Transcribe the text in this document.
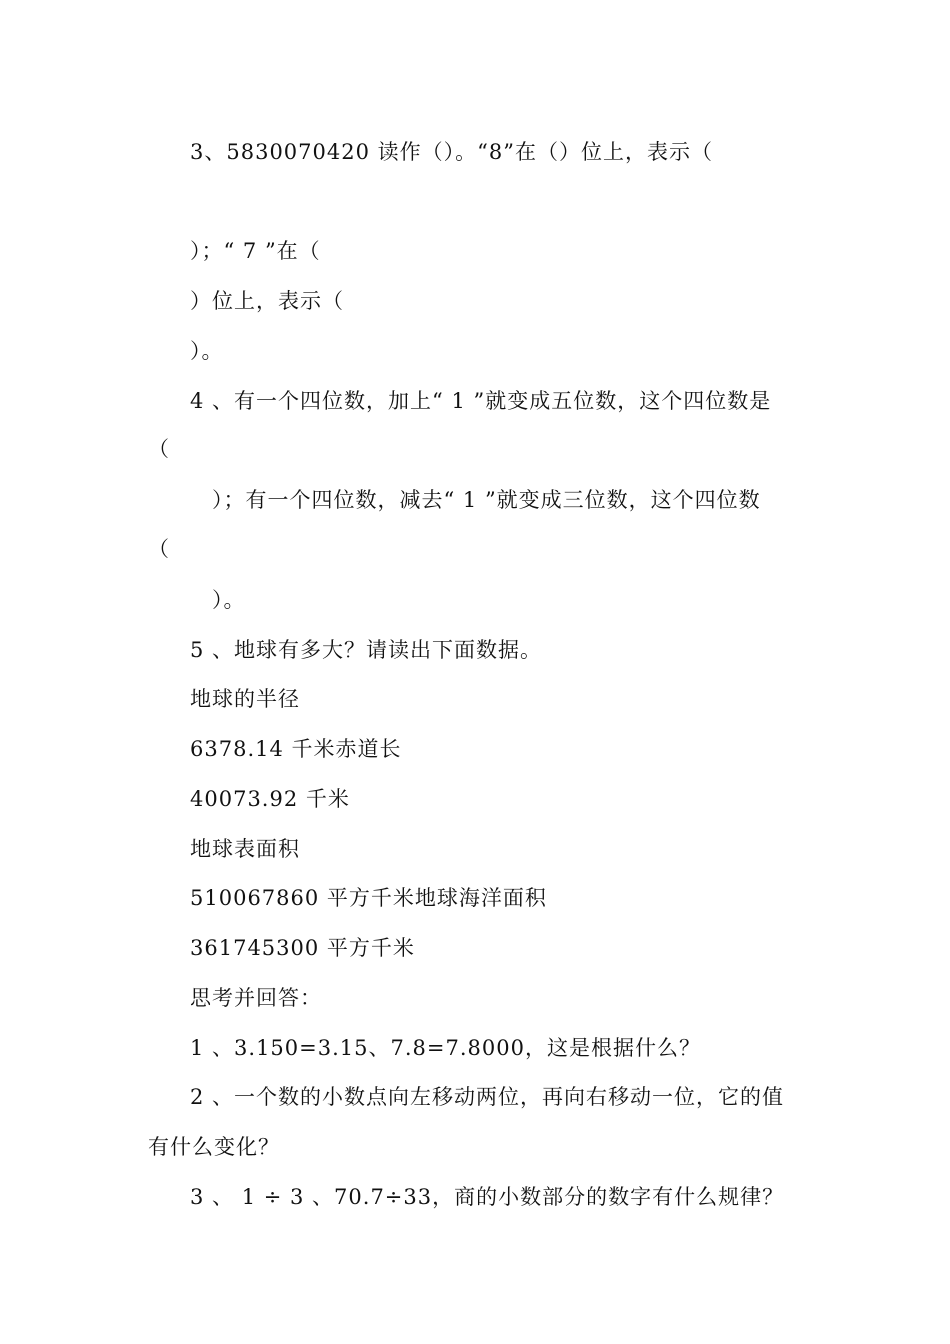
3、5830070420 读作（）。“8”在（）位上，表示（
）；“ 7 ”在（
）位上，表示（
）。
4 、有一个四位数，加上“ 1 ”就变成五位数，这个四位数是
（
）；有一个四位数，减去“ 1 ”就变成三位数，这个四位数
（
）。
5 、地球有多大？请读出下面数据。
地球的半径
6378.14 千米赤道长
40073.92 千米
地球表面积
510067860 平方千米地球海洋面积
361745300 平方千米
思考并回答：
1 、3.150=3.15、7.8=7.8000，这是根据什么？
2 、一个数的小数点向左移动两位，再向右移动一位，它的值
有什么变化？
3 、 1 ÷ 3 、70.7÷33，商的小数部分的数字有什么规律？
